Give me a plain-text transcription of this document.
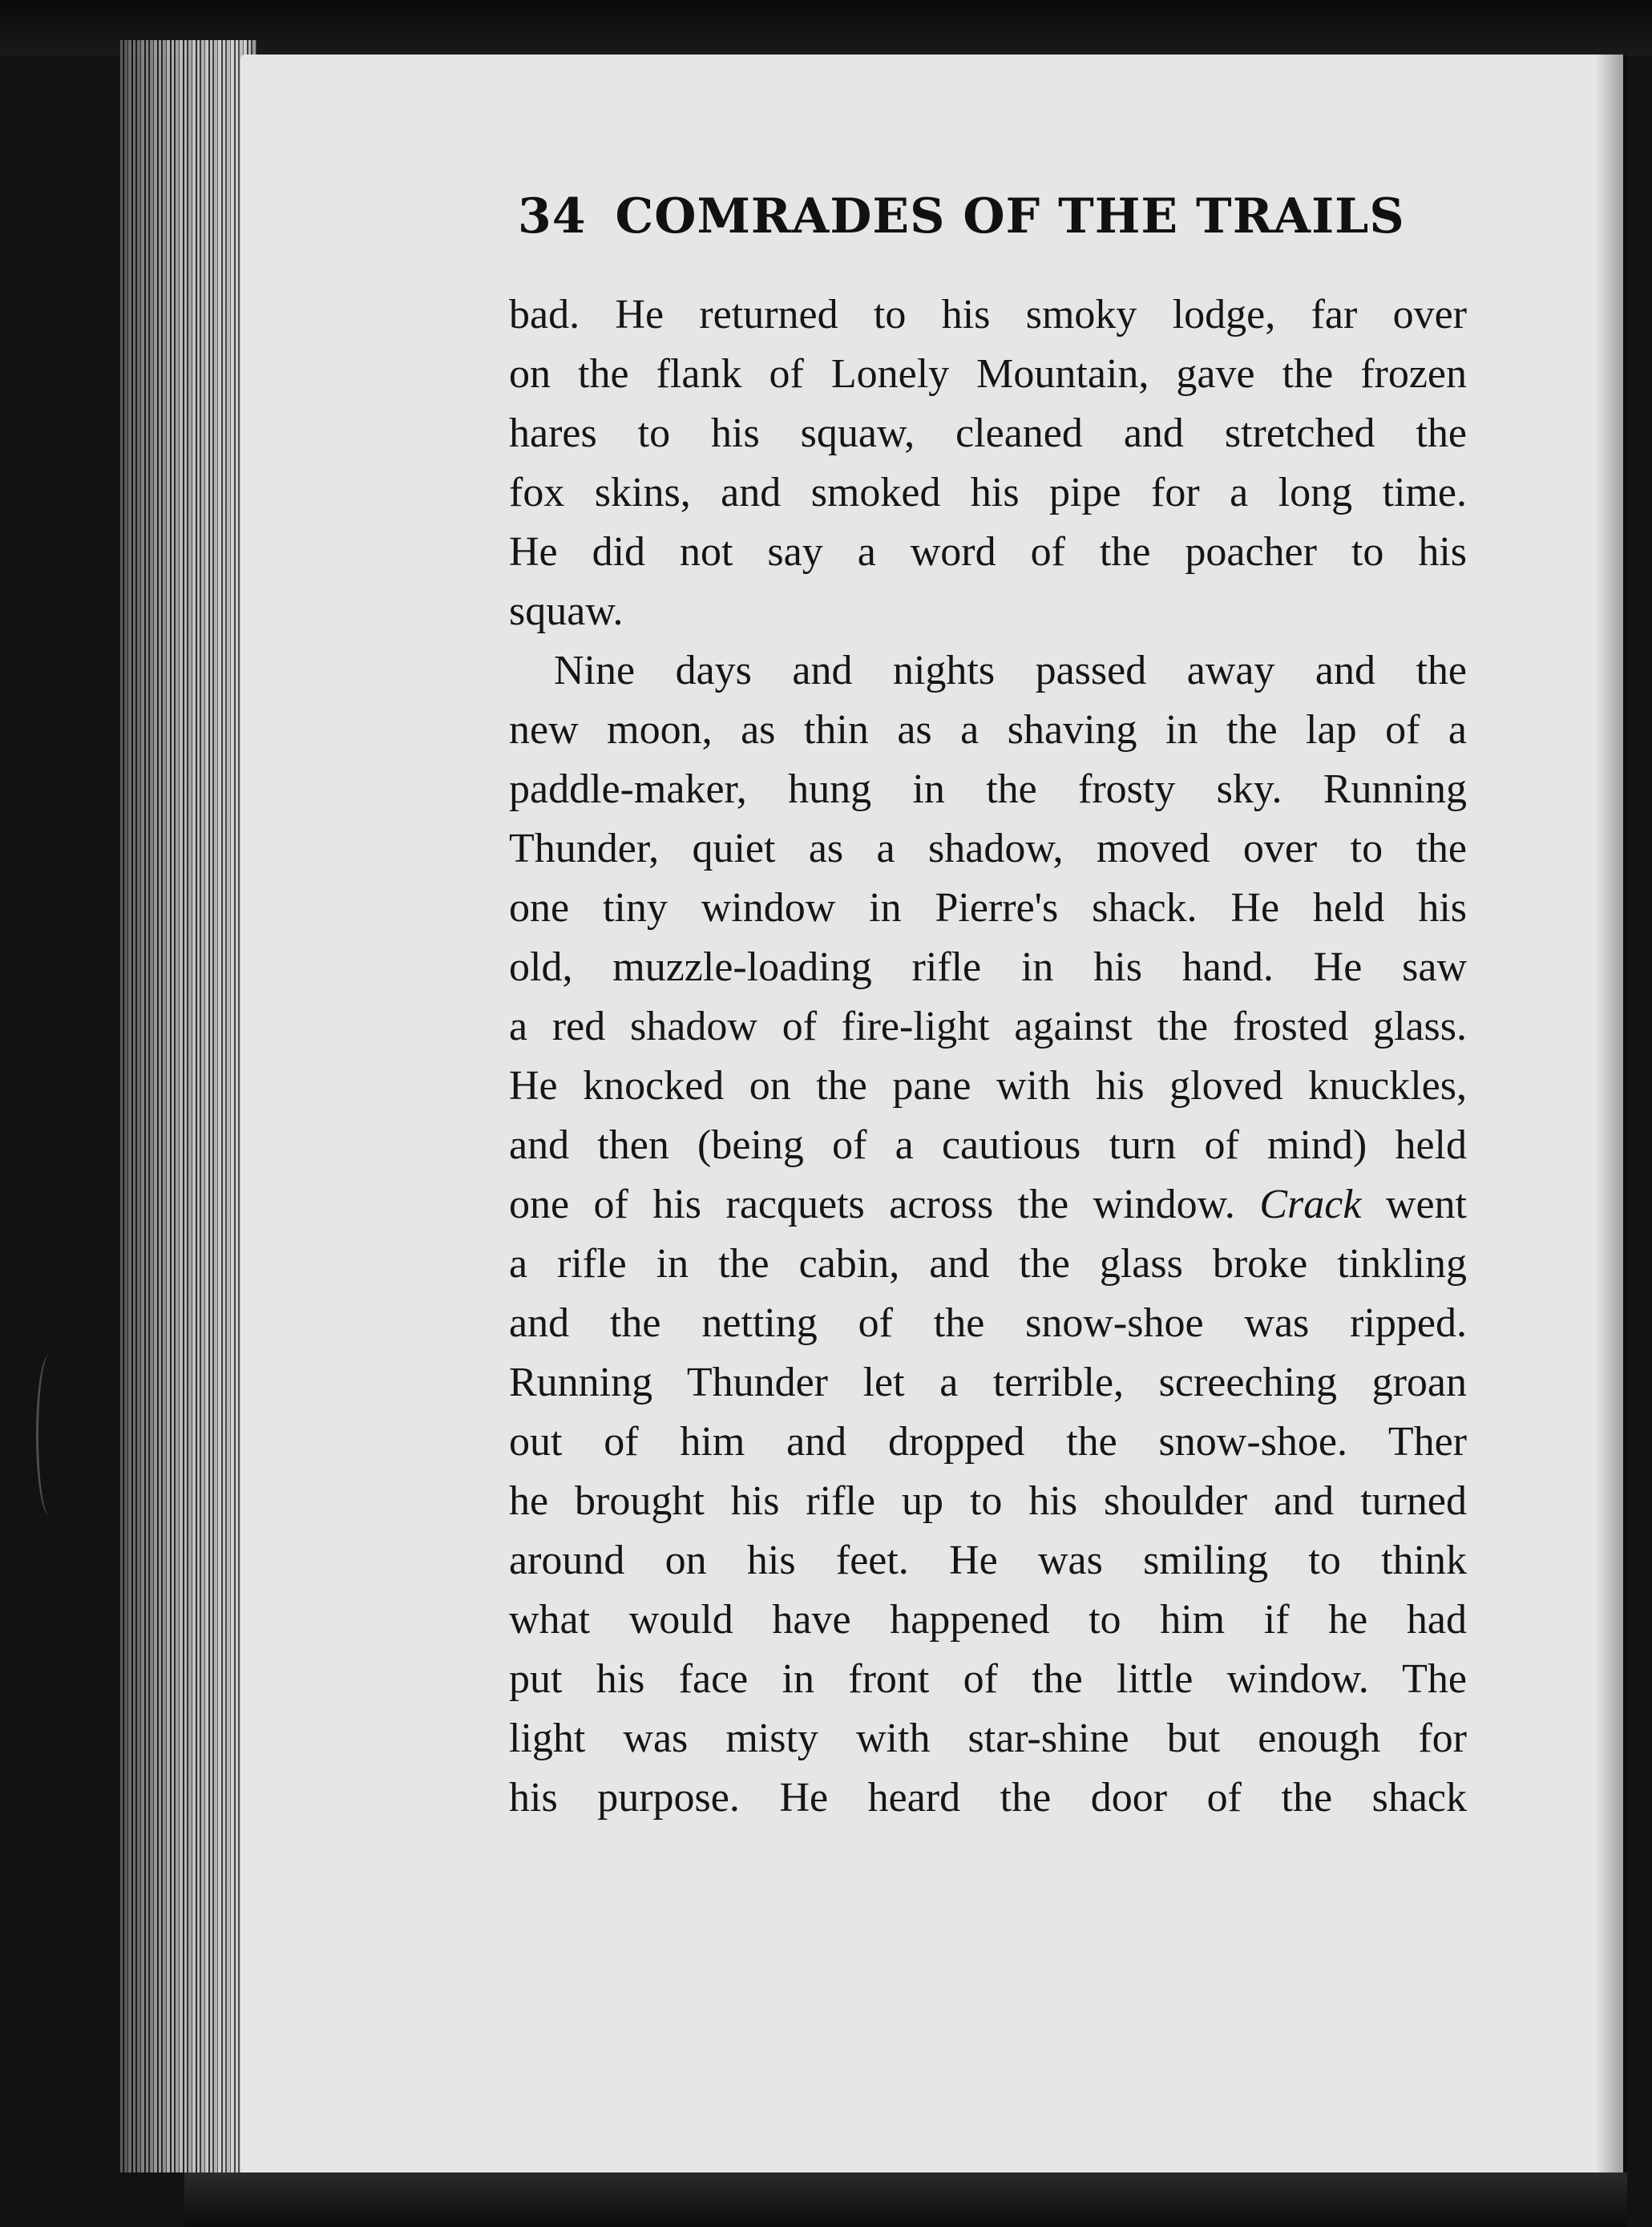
34 COMRADES OF THE TRAILS
bad. He returned to his smoky lodge, far over
on the flank of Lonely Mountain, gave the frozen
hares to his squaw, cleaned and stretched the
fox skins, and smoked his pipe for a long time.
He did not say a word of the poacher to his
squaw.
Nine days and nights passed away and the
new moon, as thin as a shaving in the lap of a
paddle-maker, hung in the frosty sky. Running
Thunder, quiet as a shadow, moved over to the
one tiny window in Pierre's shack. He held his
old, muzzle-loading rifle in his hand. He saw
a red shadow of fire-light against the frosted glass.
He knocked on the pane with his gloved knuckles,
and then (being of a cautious turn of mind) held
one of his racquets across the window. Crack went
a rifle in the cabin, and the glass broke tinkling
and the netting of the snow-shoe was ripped.
Running Thunder let a terrible, screeching groan
out of him and dropped the snow-shoe. Ther
he brought his rifle up to his shoulder and turned
around on his feet. He was smiling to think
what would have happened to him if he had
put his face in front of the little window. The
light was misty with star-shine but enough for
his purpose. He heard the door of the shack
